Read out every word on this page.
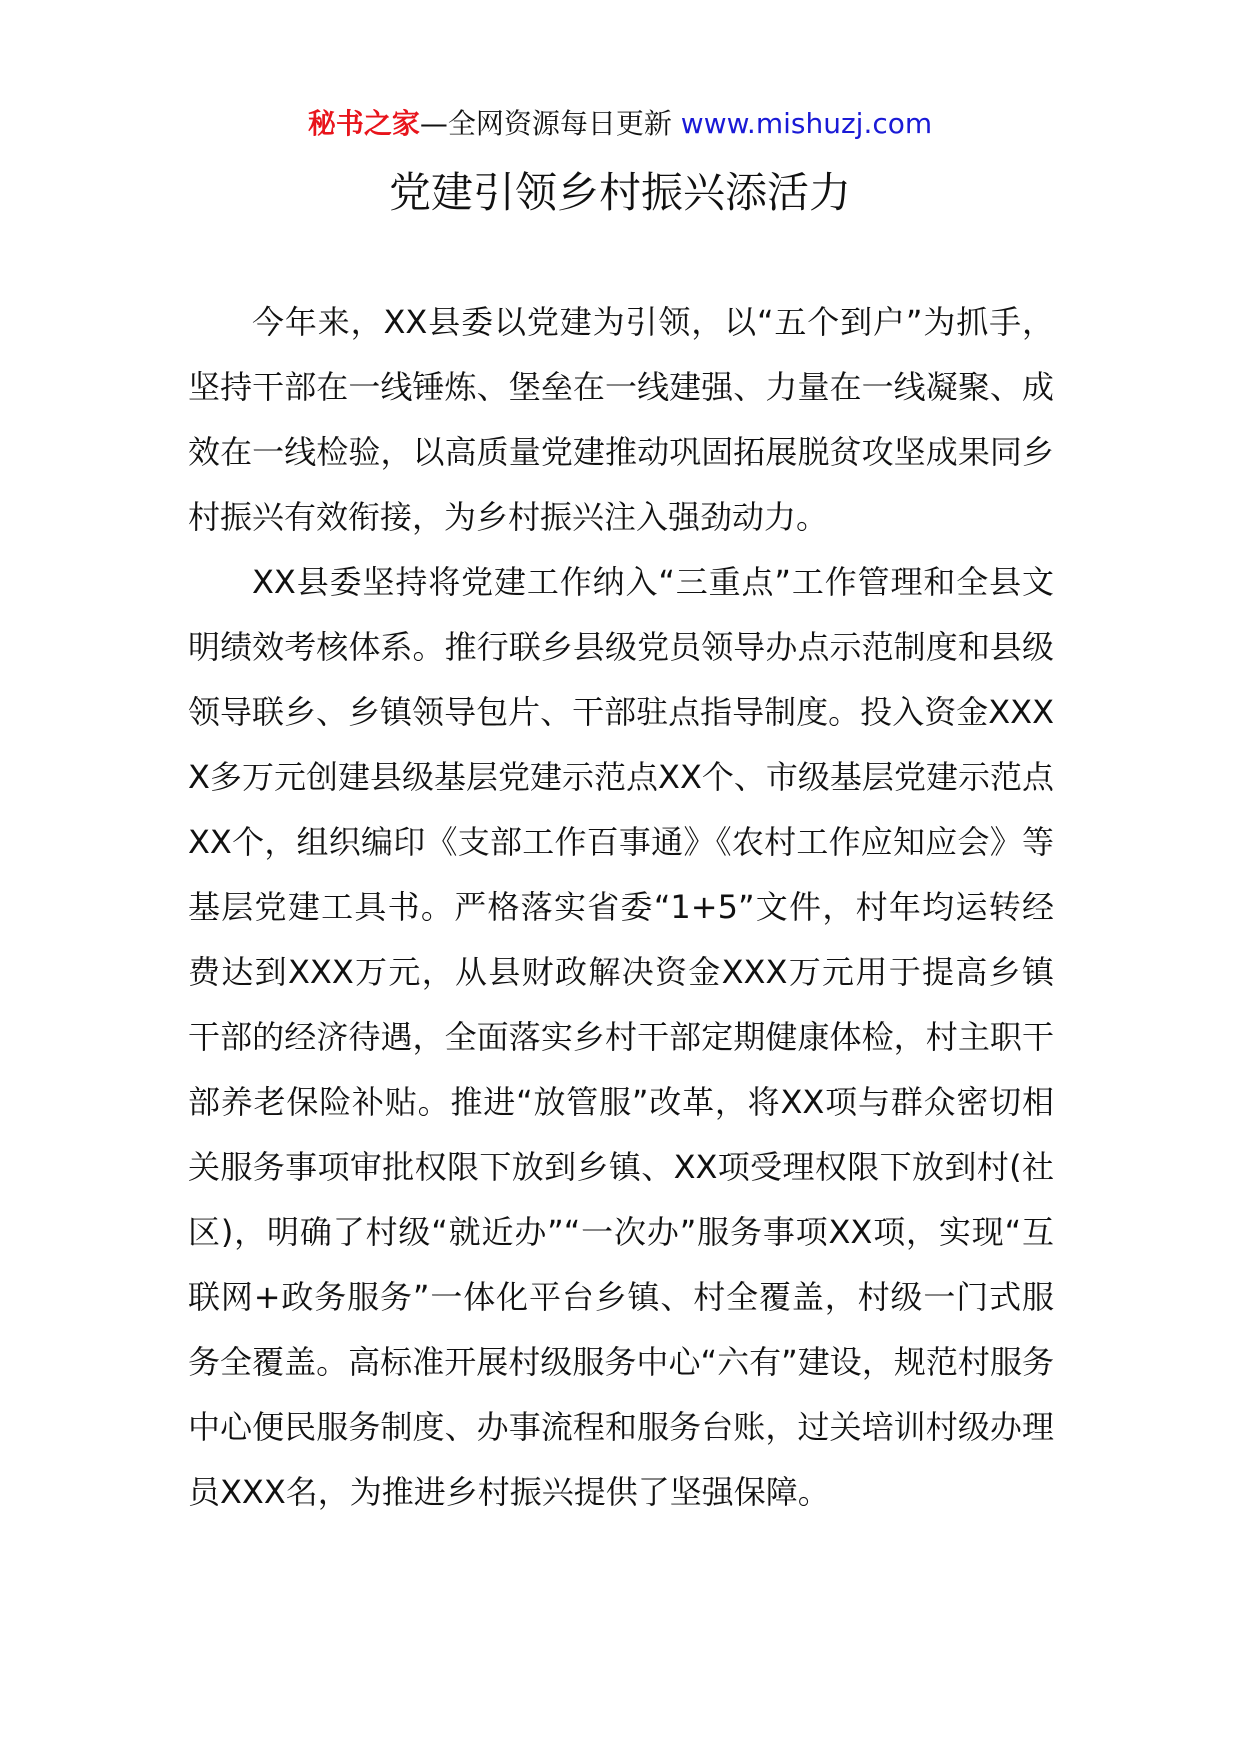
秘书之家—全网资源每日更新 www.mishuzj.com
党建引领乡村振兴添活力

今年来，XX县委以党建为引领，以“五个到户”为抓手，坚持干部在一线锤炼、堡垒在一线建强、力量在一线凝聚、成效在一线检验，以高质量党建推动巩固拓展脱贫攻坚成果同乡村振兴有效衔接，为乡村振兴注入强劲动力。

XX县委坚持将党建工作纳入“三重点”工作管理和全县文明绩效考核体系。推行联乡县级党员领导办点示范制度和县级领导联乡、乡镇领导包片、干部驻点指导制度。投入资金XXXX多万元创建县级基层党建示范点XX个、市级基层党建示范点XX个，组织编印《支部工作百事通》《农村工作应知应会》等基层党建工具书。严格落实省委“1+5”文件，村年均运转经费达到XXX万元，从县财政解决资金XXX万元用于提高乡镇干部的经济待遇，全面落实乡村干部定期健康体检，村主职干部养老保险补贴。推进“放管服”改革，将XX项与群众密切相关服务事项审批权限下放到乡镇、XX项受理权限下放到村(社区)，明确了村级“就近办”“一次办”服务事项XX项，实现“互联网+政务服务”一体化平台乡镇、村全覆盖，村级一门式服务全覆盖。高标准开展村级服务中心“六有”建设，规范村服务中心便民服务制度、办事流程和服务台账，过关培训村级办理员XXX名，为推进乡村振兴提供了坚强保障。
